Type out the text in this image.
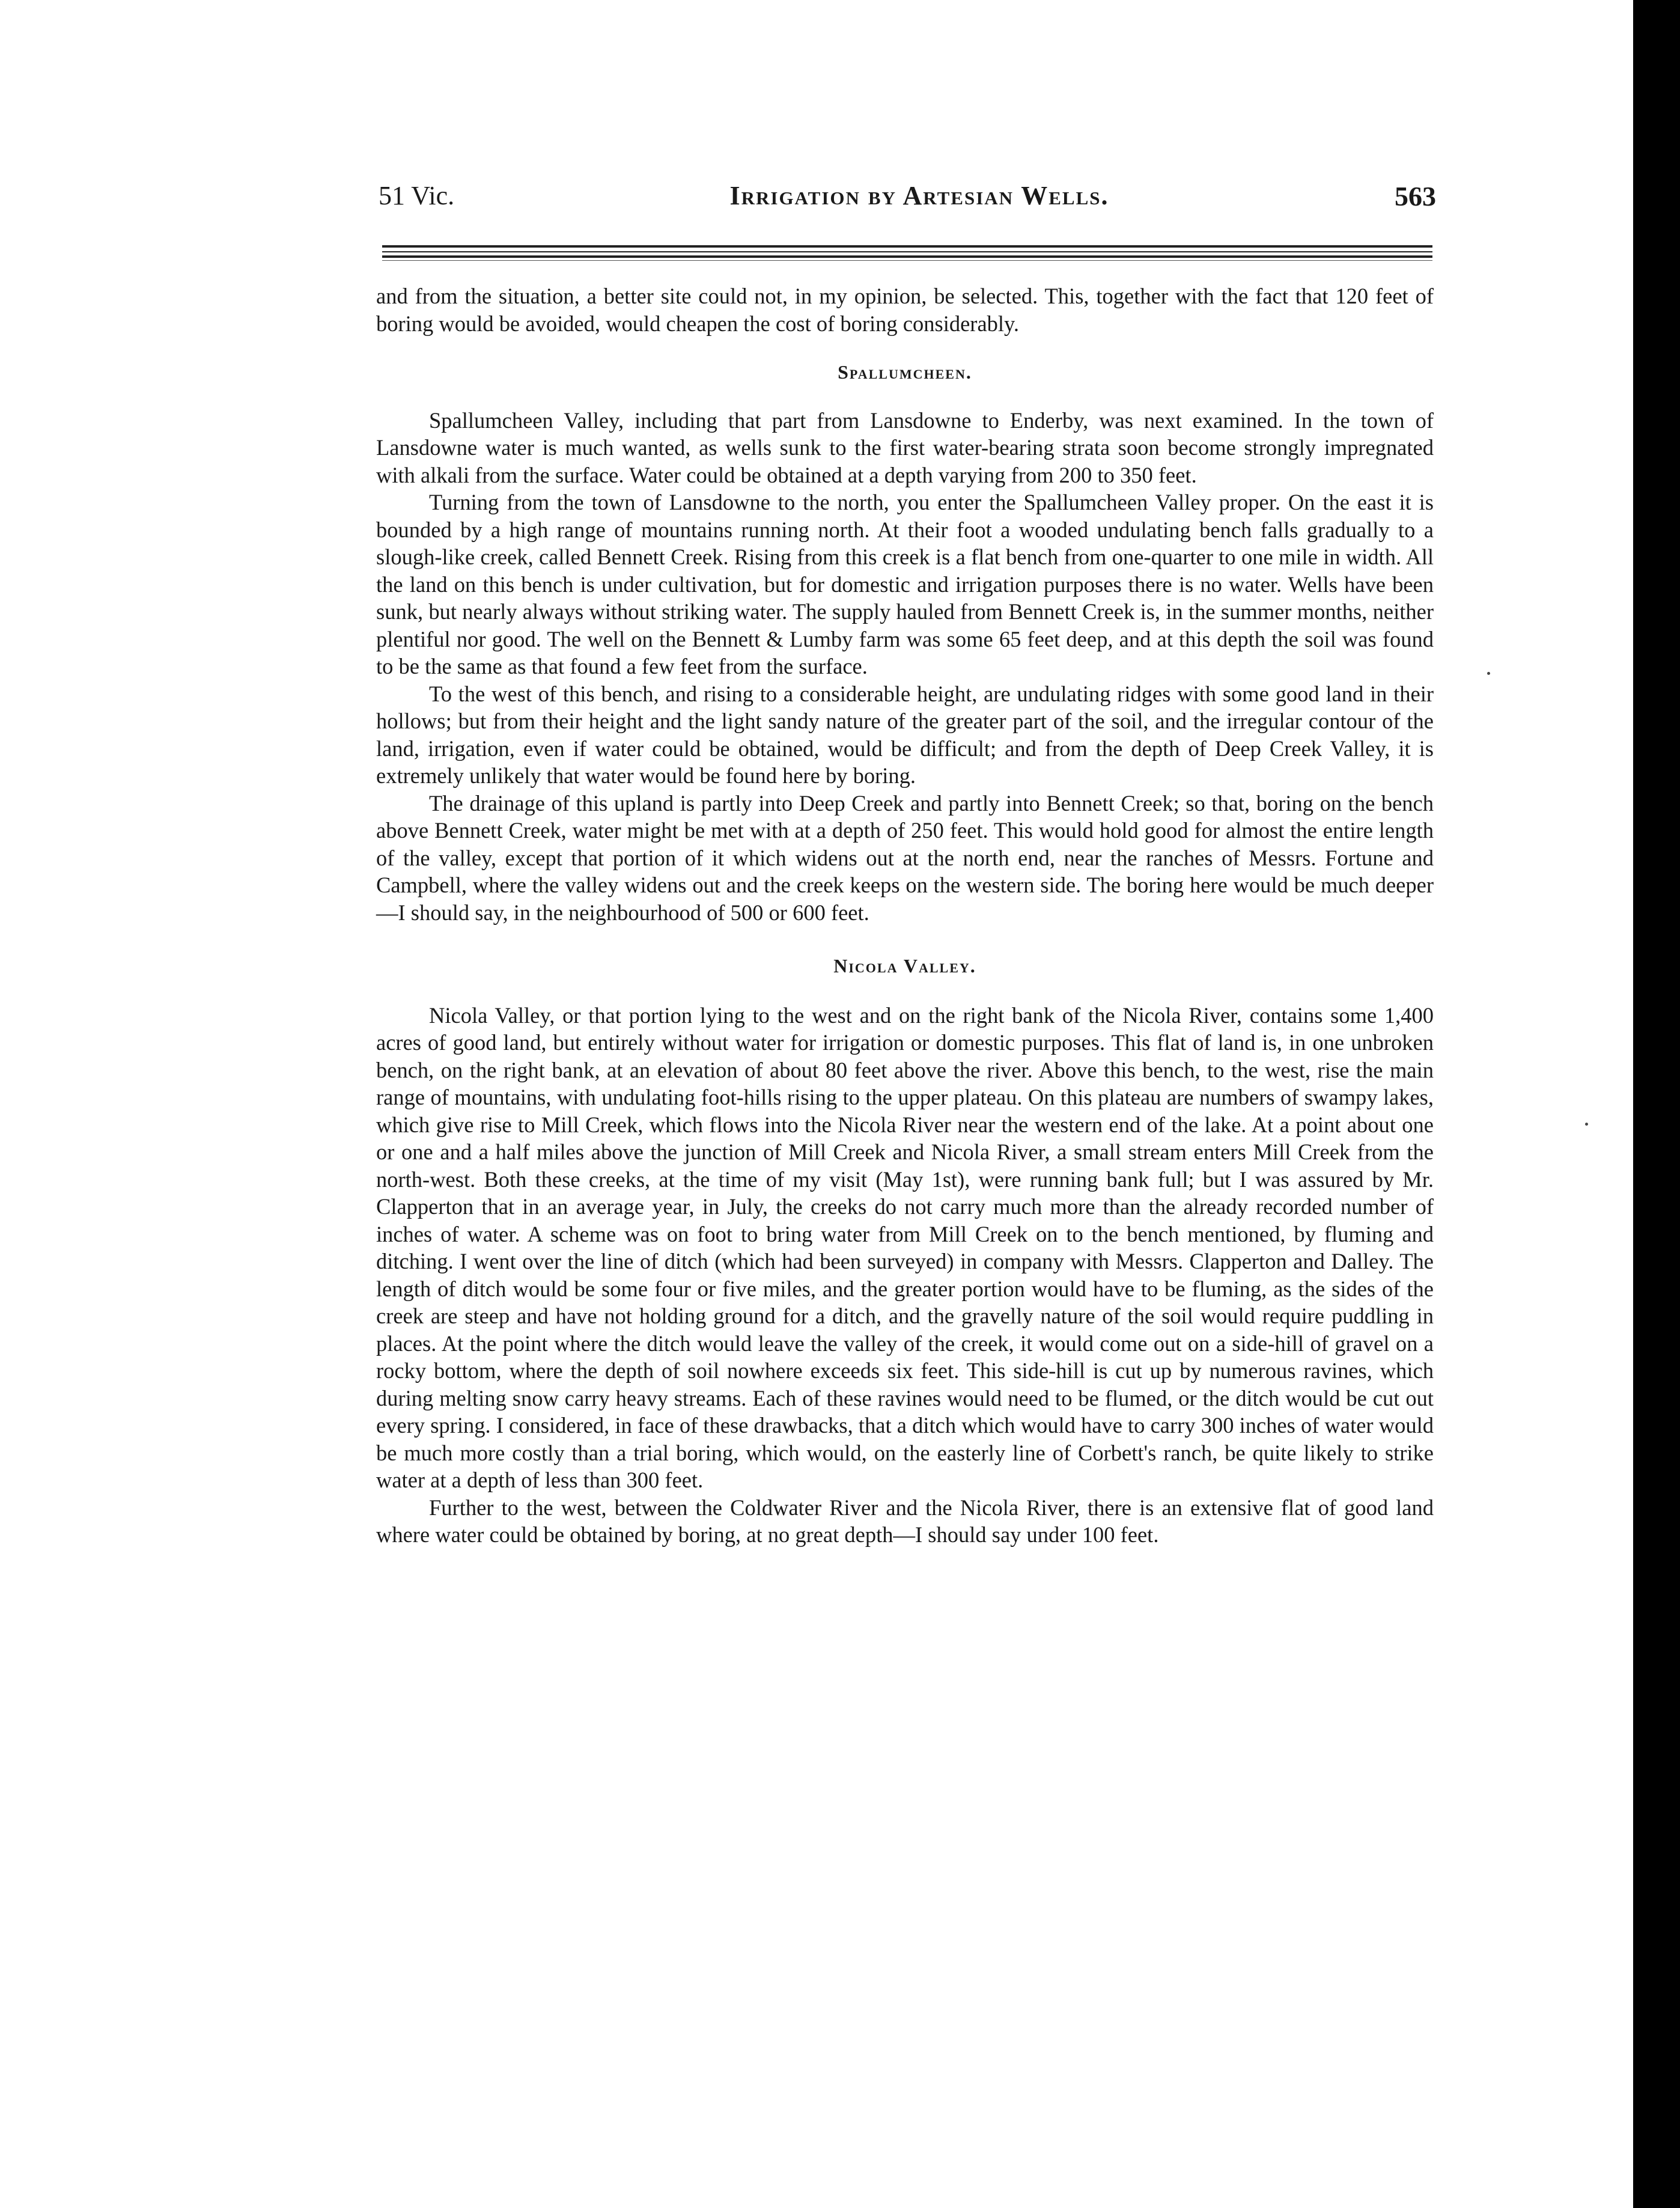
51 Vic.	Irrigation by Artesian Wells.	563

and from the situation, a better site could not, in my opinion, be selected. This, together with the fact that 120 feet of boring would be avoided, would cheapen the cost of boring considerably.

Spallumcheen.

Spallumcheen Valley, including that part from Lansdowne to Enderby, was next examined. In the town of Lansdowne water is much wanted, as wells sunk to the first water-bearing strata soon become strongly impregnated with alkali from the surface. Water could be obtained at a depth varying from 200 to 350 feet.

Turning from the town of Lansdowne to the north, you enter the Spallumcheen Valley proper. On the east it is bounded by a high range of mountains running north. At their foot a wooded undulating bench falls gradually to a slough-like creek, called Bennett Creek. Rising from this creek is a flat bench from one-quarter to one mile in width. All the land on this bench is under cultivation, but for domestic and irrigation purposes there is no water. Wells have been sunk, but nearly always without striking water. The supply hauled from Bennett Creek is, in the summer months, neither plentiful nor good. The well on the Bennett & Lumby farm was some 65 feet deep, and at this depth the soil was found to be the same as that found a few feet from the surface.

To the west of this bench, and rising to a considerable height, are undulating ridges with some good land in their hollows; but from their height and the light sandy nature of the greater part of the soil, and the irregular contour of the land, irrigation, even if water could be obtained, would be difficult; and from the depth of Deep Creek Valley, it is extremely unlikely that water would be found here by boring.

The drainage of this upland is partly into Deep Creek and partly into Bennett Creek; so that, boring on the bench above Bennett Creek, water might be met with at a depth of 250 feet. This would hold good for almost the entire length of the valley, except that portion of it which widens out at the north end, near the ranches of Messrs. Fortune and Campbell, where the valley widens out and the creek keeps on the western side. The boring here would be much deeper—I should say, in the neighbourhood of 500 or 600 feet.

Nicola Valley.

Nicola Valley, or that portion lying to the west and on the right bank of the Nicola River, contains some 1,400 acres of good land, but entirely without water for irrigation or domestic purposes. This flat of land is, in one unbroken bench, on the right bank, at an elevation of about 80 feet above the river. Above this bench, to the west, rise the main range of mountains, with undulating foot-hills rising to the upper plateau. On this plateau are numbers of swampy lakes, which give rise to Mill Creek, which flows into the Nicola River near the western end of the lake. At a point about one or one and a half miles above the junction of Mill Creek and Nicola River, a small stream enters Mill Creek from the north-west. Both these creeks, at the time of my visit (May 1st), were running bank full; but I was assured by Mr. Clapperton that in an average year, in July, the creeks do not carry much more than the already recorded number of inches of water. A scheme was on foot to bring water from Mill Creek on to the bench mentioned, by fluming and ditching. I went over the line of ditch (which had been surveyed) in company with Messrs. Clapperton and Dalley. The length of ditch would be some four or five miles, and the greater portion would have to be fluming, as the sides of the creek are steep and have not holding ground for a ditch, and the gravelly nature of the soil would require puddling in places. At the point where the ditch would leave the valley of the creek, it would come out on a side-hill of gravel on a rocky bottom, where the depth of soil nowhere exceeds six feet. This side-hill is cut up by numerous ravines, which during melting snow carry heavy streams. Each of these ravines would need to be flumed, or the ditch would be cut out every spring. I considered, in face of these drawbacks, that a ditch which would have to carry 300 inches of water would be much more costly than a trial boring, which would, on the easterly line of Corbett's ranch, be quite likely to strike water at a depth of less than 300 feet.

Further to the west, between the Coldwater River and the Nicola River, there is an extensive flat of good land where water could be obtained by boring, at no great depth—I should say under 100 feet.
